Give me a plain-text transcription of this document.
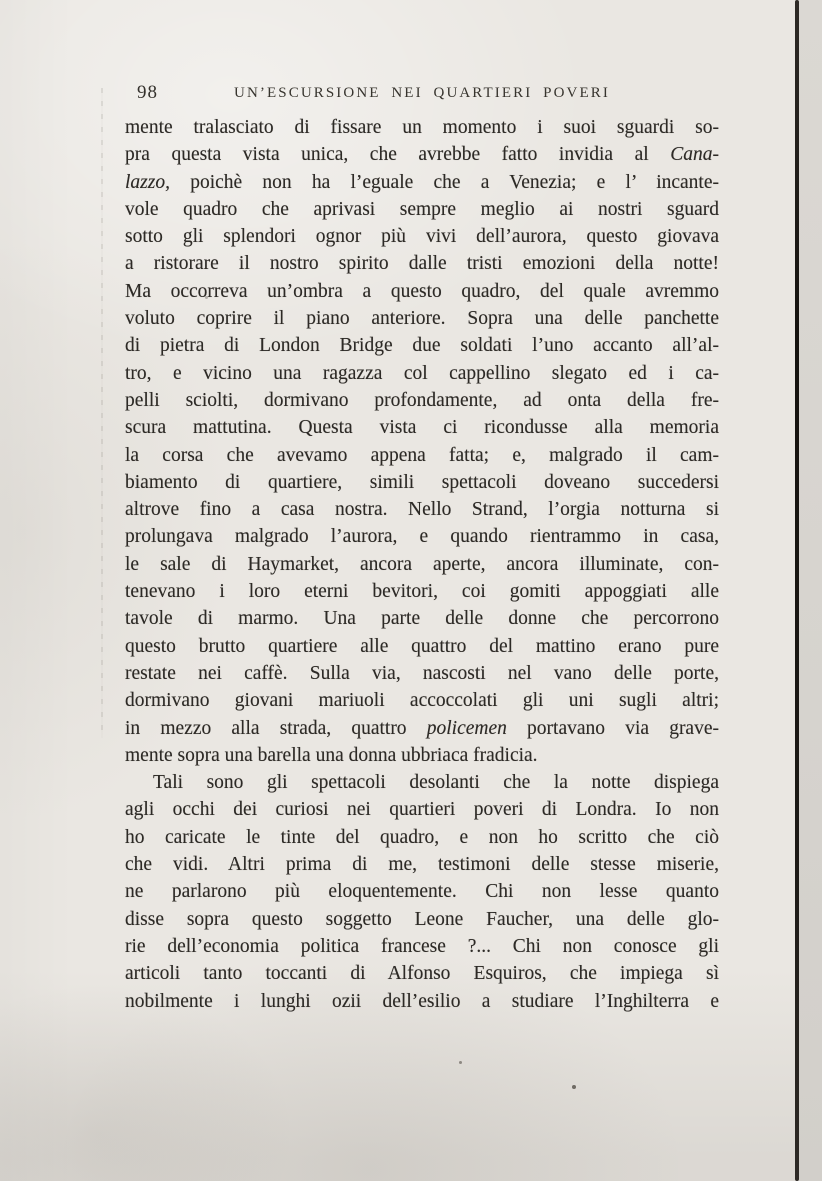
98	UN’ESCURSIONE NEI QUARTIERI POVERI
mente tralasciato di fissare un momento i suoi sguardi so-
pra questa vista unica, che avrebbe fatto invidia al Cana-
lazzo, poichè non ha l’eguale che a Venezia; e l’ incante-
vole quadro che aprivasi sempre meglio ai nostri sguard
sotto gli splendori ognor più vivi dell’aurora, questo giovava
a ristorare il nostro spirito dalle tristi emozioni della notte!
Ma occorreva un’ombra a questo quadro, del quale avremmo
voluto coprire il piano anteriore. Sopra una delle panchette
di pietra di London Bridge due soldati l’uno accanto all’al-
tro, e vicino una ragazza col cappellino slegato ed i ca-
pelli sciolti, dormivano profondamente, ad onta della fre-
scura mattutina. Questa vista ci ricondusse alla memoria
la corsa che avevamo appena fatta; e, malgrado il cam-
biamento di quartiere, simili spettacoli doveano succedersi
altrove fino a casa nostra. Nello Strand, l’orgia notturna si
prolungava malgrado l’aurora, e quando rientrammo in casa,
le sale di Haymarket, ancora aperte, ancora illuminate, con-
tenevano i loro eterni bevitori, coi gomiti appoggiati alle
tavole di marmo. Una parte delle donne che percorrono
questo brutto quartiere alle quattro del mattino erano pure
restate nei caffè. Sulla via, nascosti nel vano delle porte,
dormivano giovani mariuoli accoccolati gli uni sugli altri;
in mezzo alla strada, quattro policemen portavano via grave-
mente sopra una barella una donna ubbriaca fradicia.
Tali sono gli spettacoli desolanti che la notte dispiega
agli occhi dei curiosi nei quartieri poveri di Londra. Io non
ho caricate le tinte del quadro, e non ho scritto che ciò
che vidi. Altri prima di me, testimoni delle stesse miserie,
ne parlarono più eloquentemente. Chi non lesse quanto
disse sopra questo soggetto Leone Faucher, una delle glo-
rie dell’economia politica francese ?... Chi non conosce gli
articoli tanto toccanti di Alfonso Esquiros, che impiega sì
nobilmente i lunghi ozii dell’esilio a studiare l’Inghilterra e
